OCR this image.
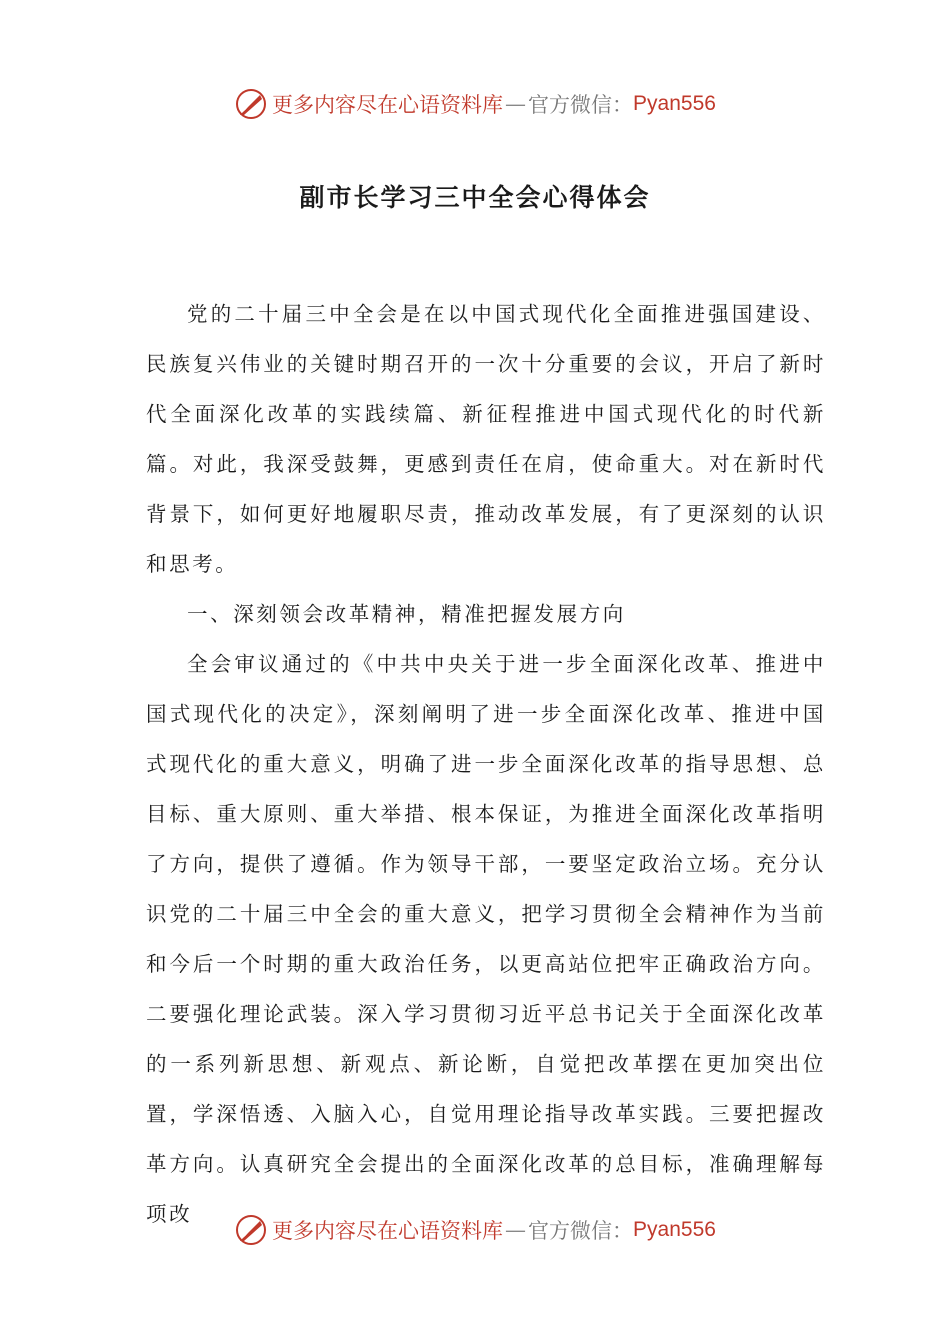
更多内容尽在心语资料库 — 官方微信： Pyan556
副市长学习三中全会心得体会

党的二十届三中全会是在以中国式现代化全面推进强国建设、民族复兴伟业的关键时期召开的一次十分重要的会议，开启了新时代全面深化改革的实践续篇、新征程推进中国式现代化的时代新篇。对此，我深受鼓舞，更感到责任在肩，使命重大。对在新时代背景下，如何更好地履职尽责，推动改革发展，有了更深刻的认识和思考。

一、深刻领会改革精神，精准把握发展方向

全会审议通过的《中共中央关于进一步全面深化改革、推进中国式现代化的决定》，深刻阐明了进一步全面深化改革、推进中国式现代化的重大意义，明确了进一步全面深化改革的指导思想、总目标、重大原则、重大举措、根本保证，为推进全面深化改革指明了方向，提供了遵循。作为领导干部，一要坚定政治立场。充分认识党的二十届三中全会的重大意义，把学习贯彻全会精神作为当前和今后一个时期的重大政治任务，以更高站位把牢正确政治方向。二要强化理论武装。深入学习贯彻习近平总书记关于全面深化改革的一系列新思想、新观点、新论断，自觉把改革摆在更加突出位置，学深悟透、入脑入心，自觉用理论指导改革实践。三要把握改革方向。认真研究全会提出的全面深化改革的总目标，准确理解每项改

更多内容尽在心语资料库 — 官方微信： Pyan556
